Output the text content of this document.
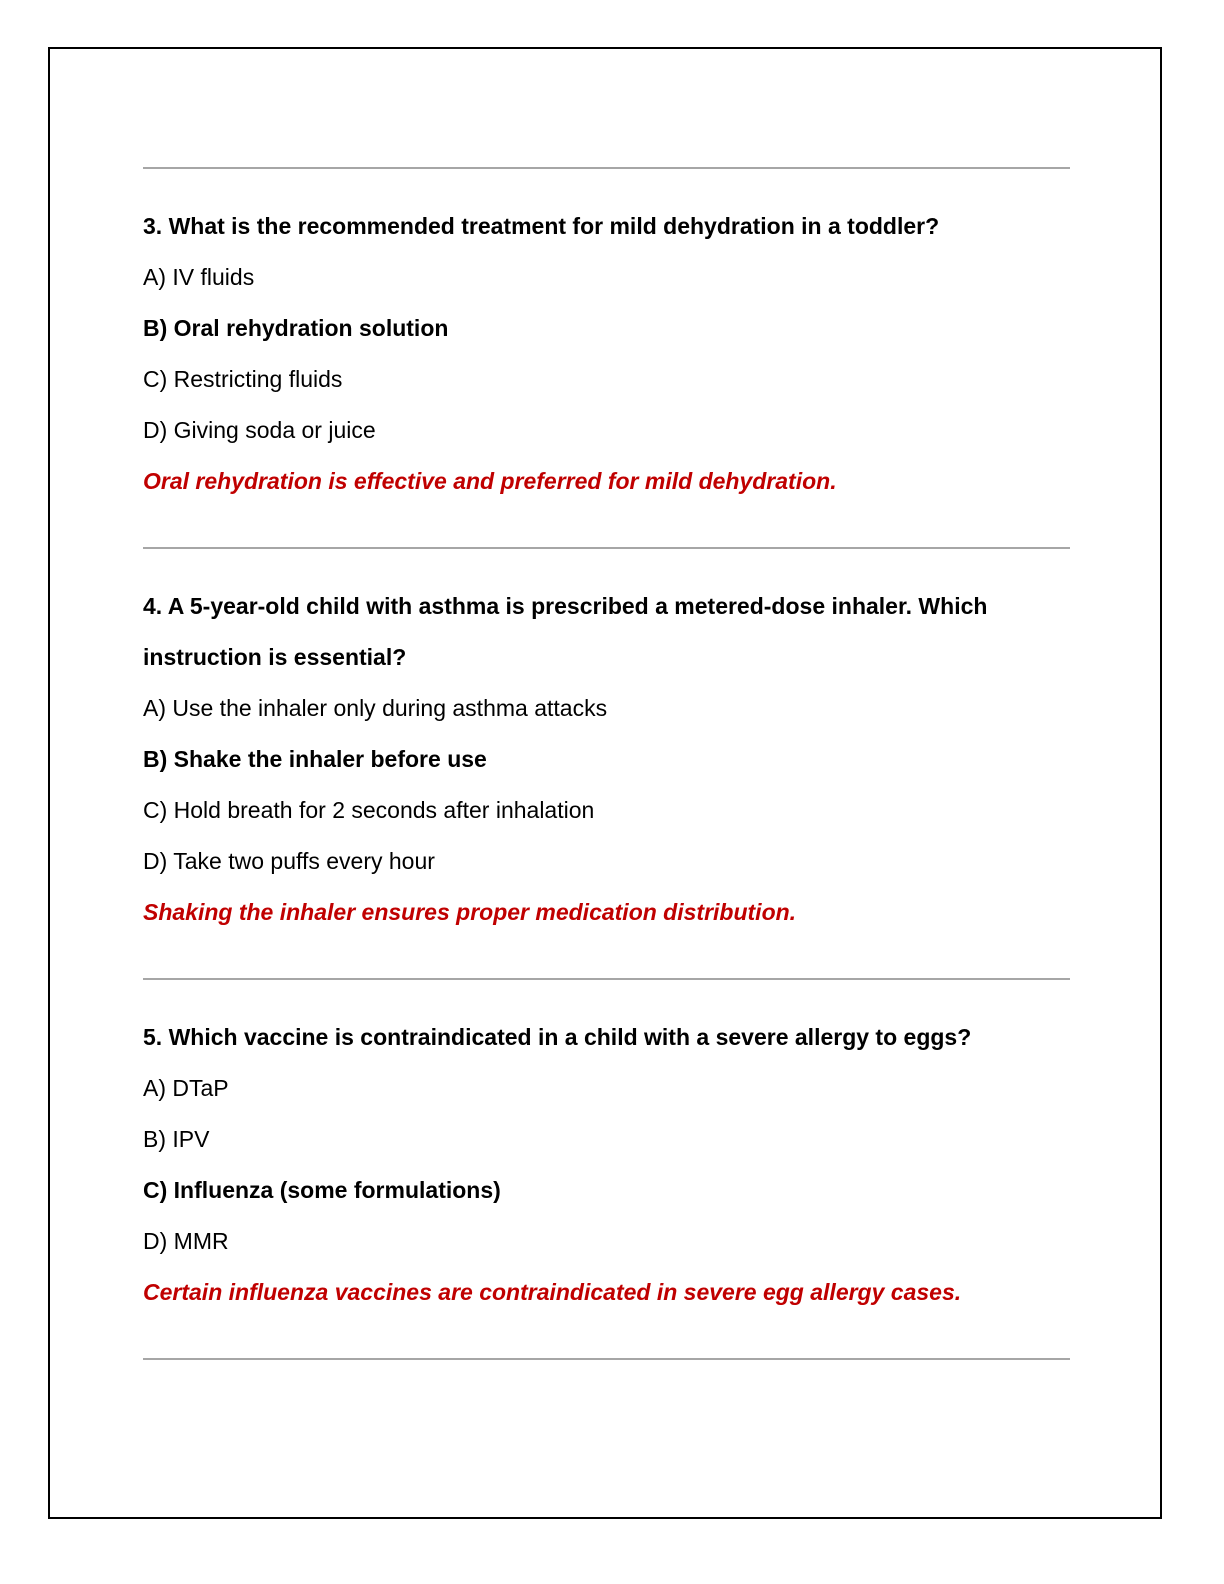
3. What is the recommended treatment for mild dehydration in a toddler?

A) IV fluids

B) Oral rehydration solution

C) Restricting fluids

D) Giving soda or juice

Oral rehydration is effective and preferred for mild dehydration.

4. A 5-year-old child with asthma is prescribed a metered-dose inhaler. Which instruction is essential?

A) Use the inhaler only during asthma attacks

B) Shake the inhaler before use

C) Hold breath for 2 seconds after inhalation

D) Take two puffs every hour

Shaking the inhaler ensures proper medication distribution.

5. Which vaccine is contraindicated in a child with a severe allergy to eggs?

A) DTaP

B) IPV

C) Influenza (some formulations)

D) MMR

Certain influenza vaccines are contraindicated in severe egg allergy cases.
